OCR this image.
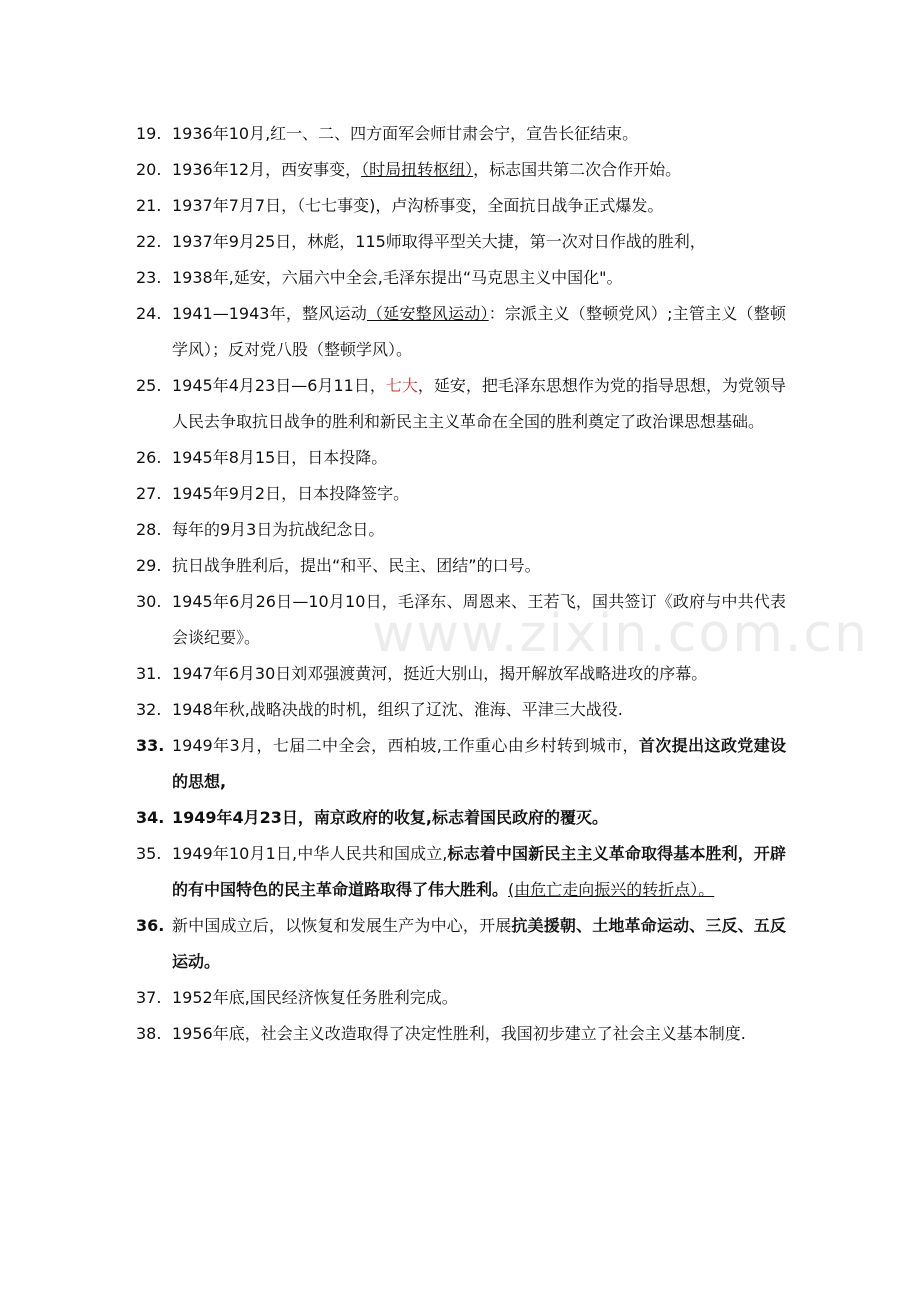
www.zixin.com.cn
19. 1936年10月,红一、二、四方面军会师甘肃会宁，宣告长征结束。
20. 1936年12月，西安事变，（时局扭转枢纽），标志国共第二次合作开始。
21. 1937年7月7日，（七七事变)，卢沟桥事变，全面抗日战争正式爆发。
22. 1937年9月25日，林彪，115师取得平型关大捷，第一次对日作战的胜利，
23. 1938年,延安，六届六中全会,毛泽东提出“马克思主义中国化"。
24. 1941—1943年，整风运动（延安整风运动）：宗派主义（整顿党风）;主管主义（整顿学风）；反对党八股（整顿学风）。
25. 1945年4月23日—6月11日，七大，延安，把毛泽东思想作为党的指导思想，为党领导人民去争取抗日战争的胜利和新民主主义革命在全国的胜利奠定了政治课思想基础。
26. 1945年8月15日，日本投降。
27. 1945年9月2日，日本投降签字。
28. 每年的9月3日为抗战纪念日。
29. 抗日战争胜利后，提出“和平、民主、团结”的口号。
30. 1945年6月26日—10月10日，毛泽东、周恩来、王若飞，国共签订《政府与中共代表会谈纪要》。
31. 1947年6月30日刘邓强渡黄河，挺近大别山，揭开解放军战略进攻的序幕。
32. 1948年秋,战略决战的时机，组织了辽沈、淮海、平津三大战役.
33. 1949年3月，七届二中全会，西柏坡,工作重心由乡村转到城市，首次提出这政党建设的思想,
34. 1949年4月23日，南京政府的收复,标志着国民政府的覆灭。
35. 1949年10月1日,中华人民共和国成立,标志着中国新民主主义革命取得基本胜利，开辟的有中国特色的民主革命道路取得了伟大胜利。(由危亡走向振兴的转折点）。
36. 新中国成立后，以恢复和发展生产为中心，开展抗美援朝、土地革命运动、三反、五反运动。
37. 1952年底,国民经济恢复任务胜利完成。
38. 1956年底，社会主义改造取得了决定性胜利，我国初步建立了社会主义基本制度.
